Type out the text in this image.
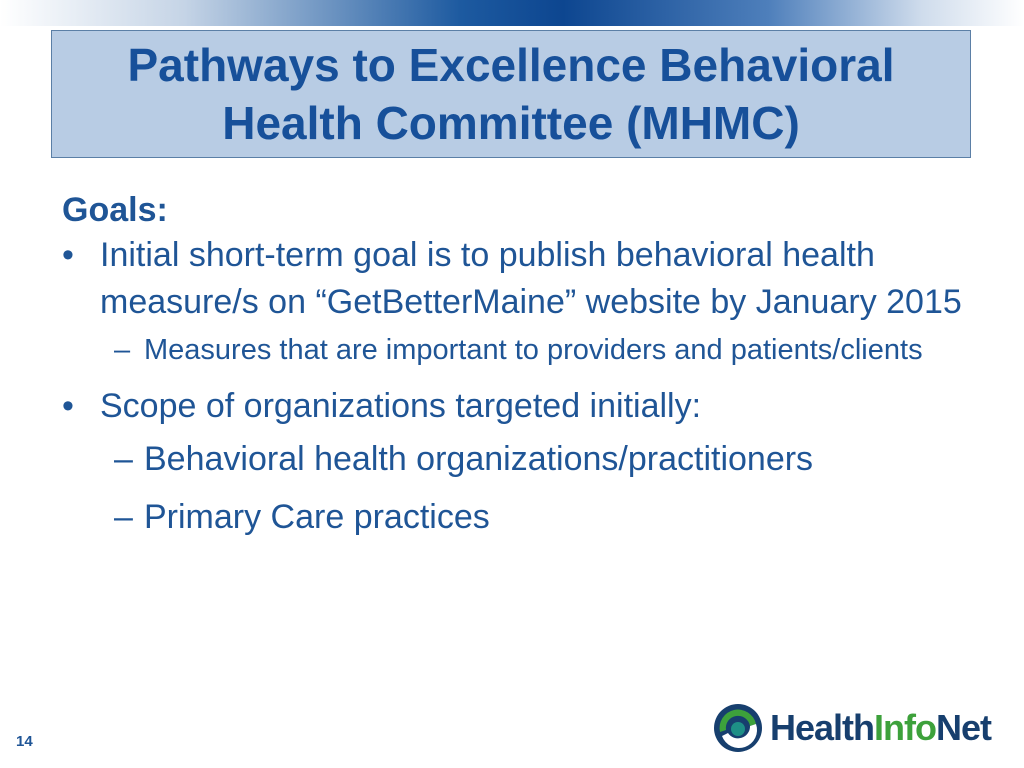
Pathways to Excellence Behavioral Health Committee (MHMC)

Goals:

• Initial short-term goal is to publish behavioral health measure/s on “GetBetterMaine” website by January 2015

– Measures that are important to providers and patients/clients

• Scope of organizations targeted initially:

– Behavioral health organizations/practitioners

– Primary Care practices

14	HealthInfoNet
